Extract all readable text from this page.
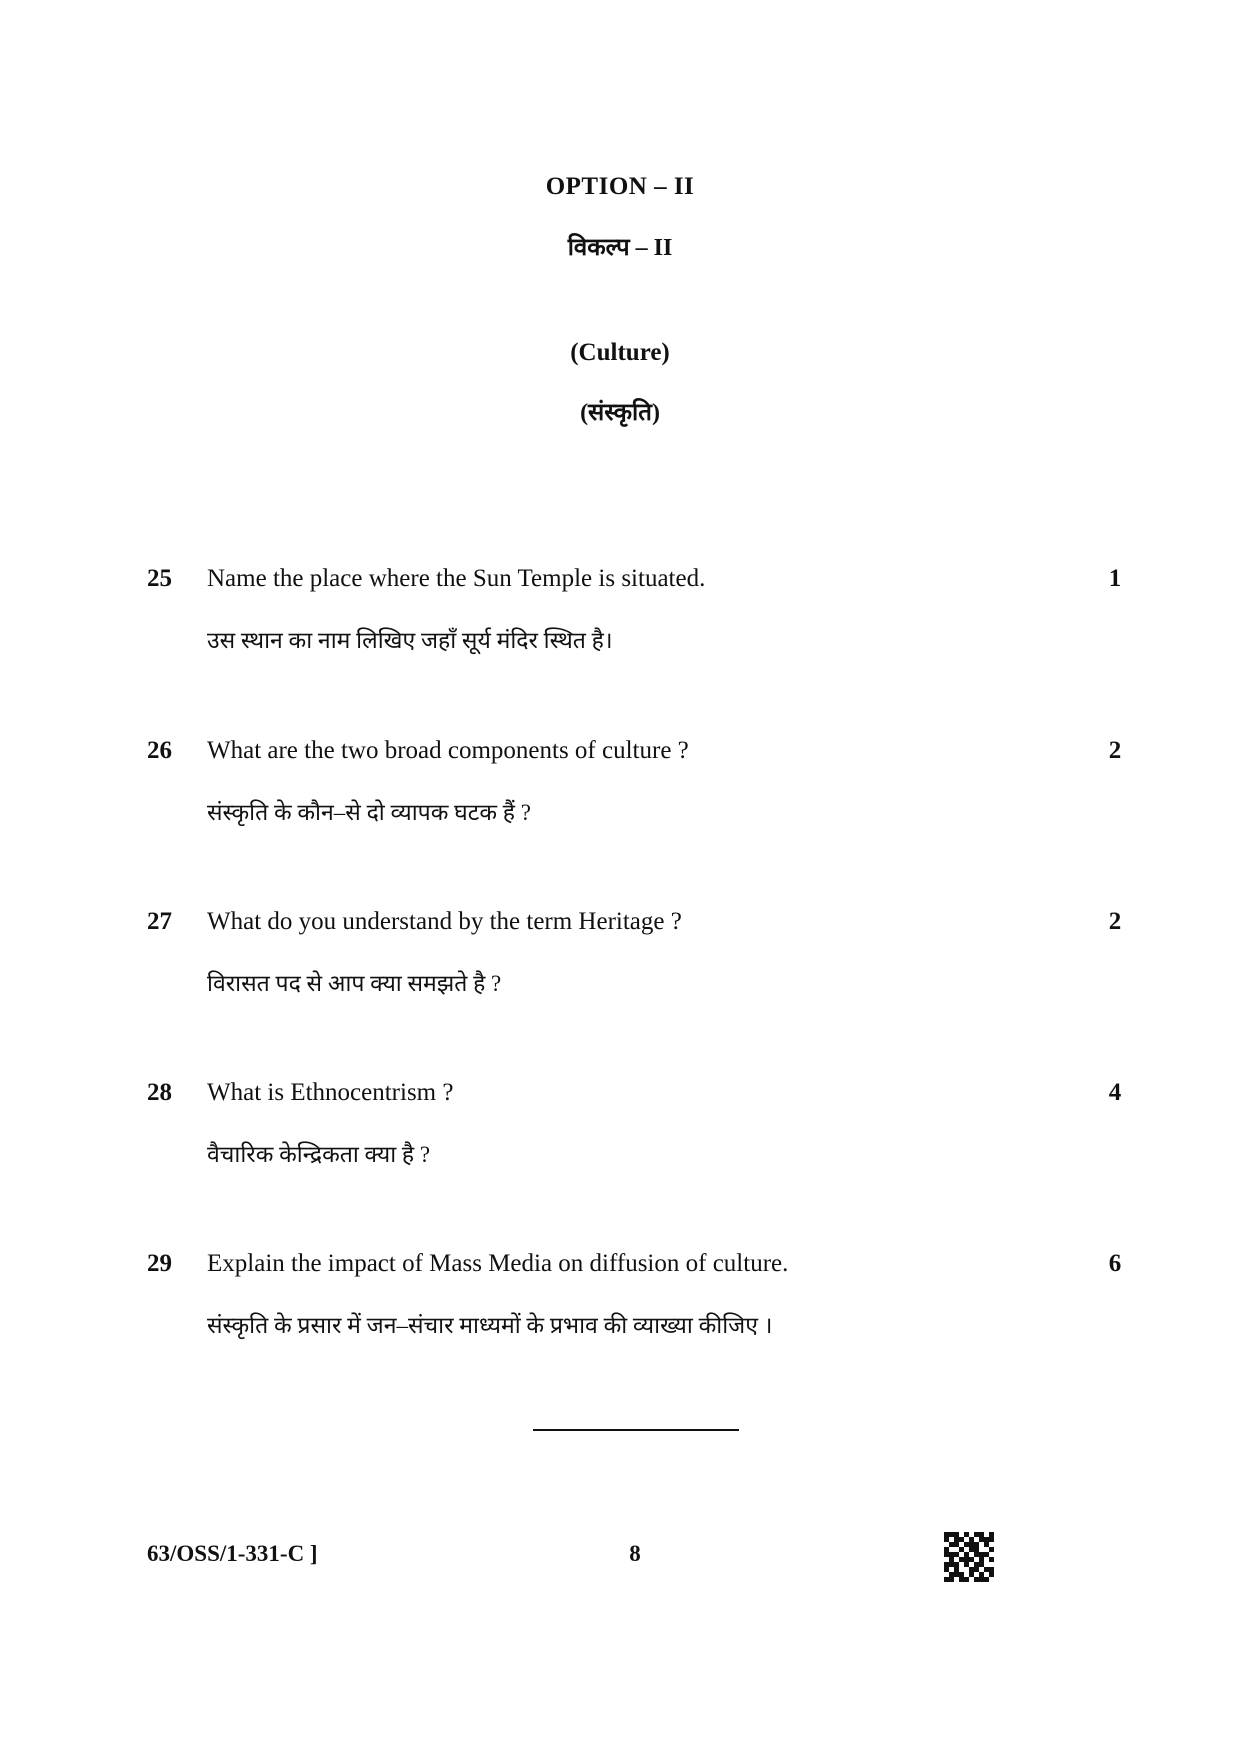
OPTION – II
विकल्प – II
(Culture)
(संस्कृति)
25 Name the place where the Sun Temple is situated.	1
उस स्थान का नाम लिखिए जहाँ सूर्य मंदिर स्थित है।
26 What are the two broad components of culture ?	2
संस्कृति के कौन–से दो व्यापक घटक हैं ?
27 What do you understand by the term Heritage ?	2
विरासत पद से आप क्या समझते है ?
28 What is Ethnocentrism ?	4
वैचारिक केन्द्रिकता क्या है ?
29 Explain the impact of Mass Media on diffusion of culture.	6
संस्कृति के प्रसार में जन–संचार माध्यमों के प्रभाव की व्याख्या कीजिए ।
63/OSS/1-331-C ]	8
